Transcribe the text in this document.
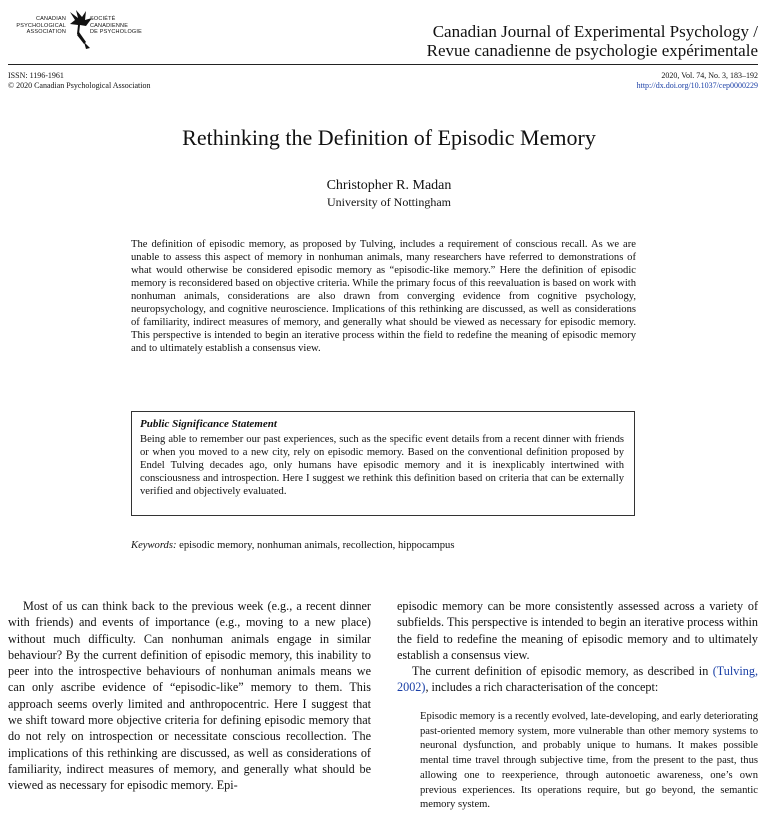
CANADIAN
PSYCHOLOGICAL
ASSOCIATION
SOCIÉTÉ
CANADIENNE
DE PSYCHOLOGIE	Canadian Journal of Experimental Psychology /
Revue canadienne de psychologie expérimentale
ISSN: 1196-1961
© 2020 Canadian Psychological Association
2020, Vol. 74, No. 3, 183–192
http://dx.doi.org/10.1037/cep0000229
Rethinking the Definition of Episodic Memory
Christopher R. Madan
University of Nottingham
The definition of episodic memory, as proposed by Tulving, includes a requirement of conscious recall. As we are unable to assess this aspect of memory in nonhuman animals, many researchers have referred to demonstrations of what would otherwise be considered episodic memory as “episodic-like memory.” Here the definition of episodic memory is reconsidered based on objective criteria. While the primary focus of this reevaluation is based on work with nonhuman animals, considerations are also drawn from converging evidence from cognitive psychology, neuropsychology, and cognitive neuroscience. Implications of this rethinking are discussed, as well as considerations of familiarity, indirect measures of memory, and generally what should be viewed as necessary for episodic memory. This perspective is intended to begin an iterative process within the field to redefine the meaning of episodic memory and to ultimately establish a consensus view.
Public Significance Statement
Being able to remember our past experiences, such as the specific event details from a recent dinner with friends or when you moved to a new city, rely on episodic memory. Based on the conventional definition proposed by Endel Tulving decades ago, only humans have episodic memory and it is inexplicably intertwined with consciousness and introspection. Here I suggest we rethink this definition based on criteria that can be externally verified and objectively evaluated.
Keywords: episodic memory, nonhuman animals, recollection, hippocampus

Most of us can think back to the previous week (e.g., a recent dinner with friends) and events of importance (e.g., moving to a new place) without much difficulty. Can nonhuman animals engage in similar behaviour? By the current definition of episodic memory, this inability to peer into the introspective behaviours of nonhuman animals means we can only ascribe evidence of “episodic-like” memory to them. This approach seems overly limited and anthropocentric. Here I suggest that we shift toward more objective criteria for defining episodic memory that do not rely on introspection or necessitate conscious recollection. The implications of this rethinking are discussed, as well as considerations of familiarity, indirect measures of memory, and generally what should be viewed as necessary for episodic memory. Epi-

episodic memory can be more consistently assessed across a variety of subfields. This perspective is intended to begin an iterative process within the field to redefine the meaning of episodic memory and to ultimately establish a consensus view.

The current definition of episodic memory, as described in (Tulving, 2002), includes a rich characterisation of the concept:

Episodic memory is a recently evolved, late-developing, and early deteriorating past-oriented memory system, more vulnerable than other memory systems to neuronal dysfunction, and probably unique to humans. It makes possible mental time travel through subjective time, from the present to the past, thus allowing one to reexperience, through autonoetic awareness, one’s own previous experiences. Its operations require, but go beyond, the semantic memory system.
